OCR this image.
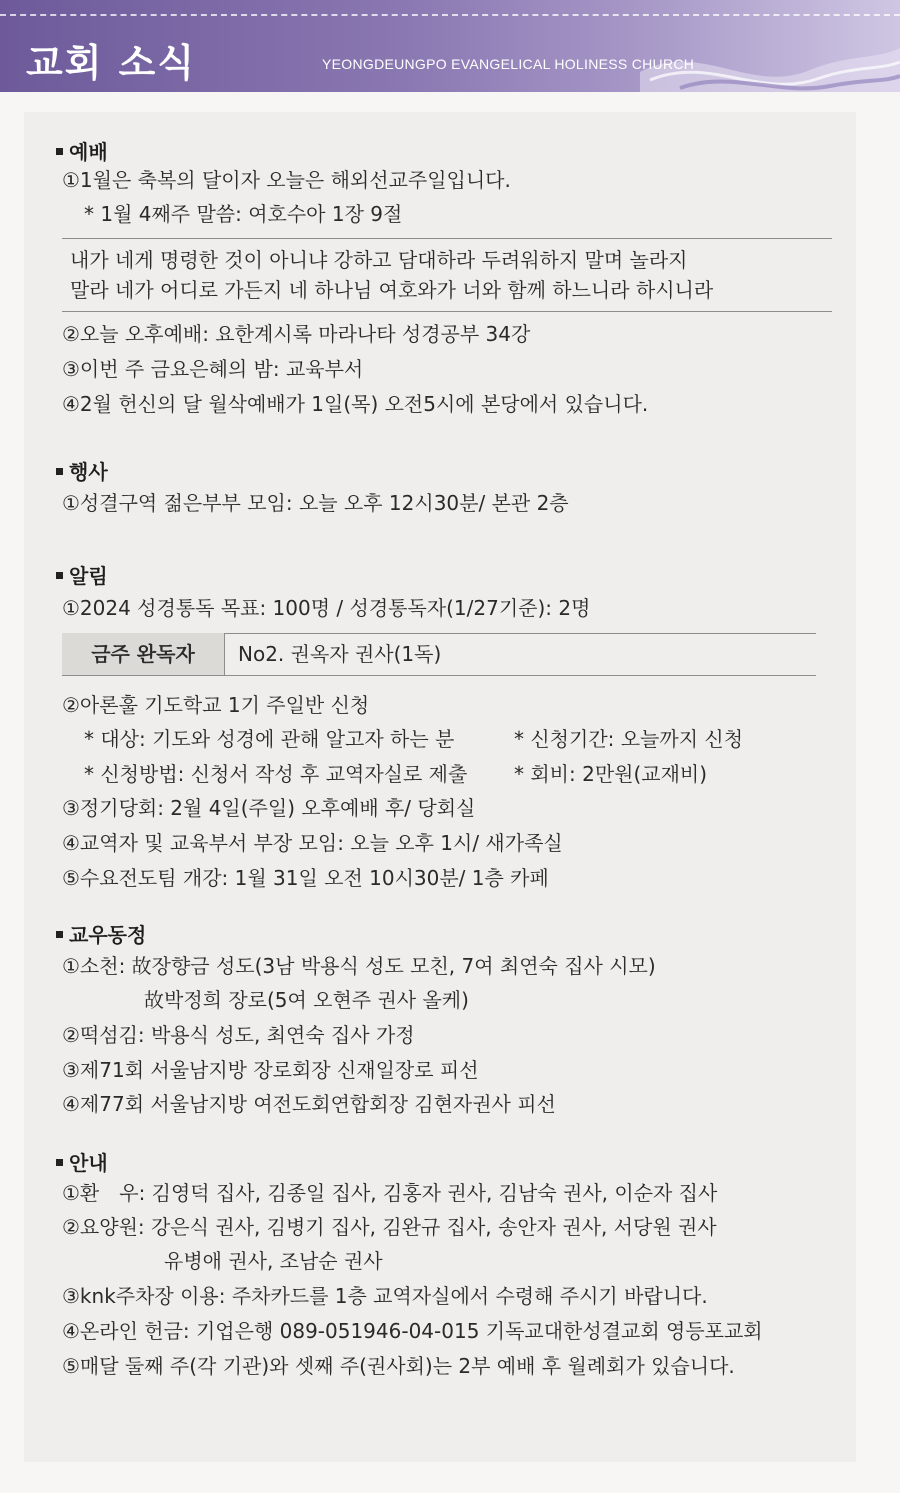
교회 소식	YEONGDEUNGPO EVANGELICAL HOLINESS CHURCH
예배
①1월은 축복의 달이자 오늘은 해외선교주일입니다.
* 1월 4째주 말씀: 여호수아 1장 9절
내가 네게 명령한 것이 아니냐 강하고 담대하라 두려워하지 말며 놀라지
말라 네가 어디로 가든지 네 하나님 여호와가 너와 함께 하느니라 하시니라
②오늘 오후예배: 요한계시록 마라나타 성경공부 34강
③이번 주 금요은혜의 밤: 교육부서
④2월 헌신의 달 월삭예배가 1일(목) 오전5시에 본당에서 있습니다.
행사
①성결구역 젊은부부 모임: 오늘 오후 12시30분/ 본관 2층
알림
①2024 성경통독 목표: 100명 / 성경통독자(1/27기준): 2명
금주 완독자	No2. 권옥자 권사(1독)
②아론훌 기도학교 1기 주일반 신청
* 대상: 기도와 성경에 관해 알고자 하는 분	* 신청기간: 오늘까지 신청
* 신청방법: 신청서 작성 후 교역자실로 제출 * 회비: 2만원(교재비)
③정기당회: 2월 4일(주일) 오후예배 후/ 당회실
④교역자 및 교육부서 부장 모임: 오늘 오후 1시/ 새가족실
⑤수요전도팀 개강: 1월 31일 오전 10시30분/ 1층 카페
교우동정
①소천: 故장향금 성도(3남 박용식 성도 모친, 7여 최연숙 집사 시모)
故박정희 장로(5여 오현주 권사 올케)
②떡섬김: 박용식 성도, 최연숙 집사 가정
③제71회 서울남지방 장로회장 신재일장로 피선
④제77회 서울남지방 여전도회연합회장 김현자권사 피선
안내
①환　우: 김영덕 집사, 김종일 집사, 김홍자 권사, 김남숙 권사, 이순자 집사
②요양원: 강은식 권사, 김병기 집사, 김완규 집사, 송안자 권사, 서당원 권사
유병애 권사, 조남순 권사
③knk주차장 이용: 주차카드를 1층 교역자실에서 수령해 주시기 바랍니다.
④온라인 헌금: 기업은행 089-051946-04-015 기독교대한성결교회 영등포교회
⑤매달 둘째 주(각 기관)와 셋째 주(권사회)는 2부 예배 후 월례회가 있습니다.
